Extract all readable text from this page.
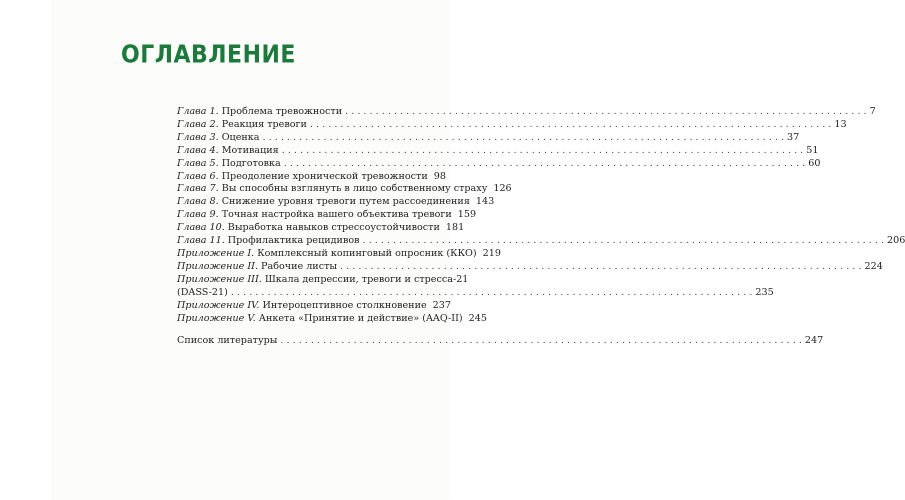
ОГЛАВЛЕНИЕ
Глава 1. Проблема тревожности . . .	7
Глава 2. Реакция тревоги . . .	13
Глава 3. Оценка . . .	37
Глава 4. Мотивация . . .	51
Глава 5. Подготовка . . .	60
Глава 6. Преодоление хронической тревожности 98
Глава 7. Вы способны взглянуть в лицо собственному страху 126
Глава 8. Снижение уровня тревоги путем рассоединения 143
Глава 9. Точная настройка вашего объектива тревоги 159
Глава 10. Выработка навыков стрессоустойчивости 181
Глава 11. Профилактика рецидивов . . .	206
Приложение I. Комплексный копинговый опросник (ККО) 219
Приложение II. Рабочие листы . . .	224
Приложение III. Шкала депрессии, тревоги и стресса-21
(DASS-21) . . .	235
Приложение IV. Интероцептивное столкновение 237
Приложение V. Анкета «Принятие и действие» (AAQ-II) 245
Список литературы . . .	247
